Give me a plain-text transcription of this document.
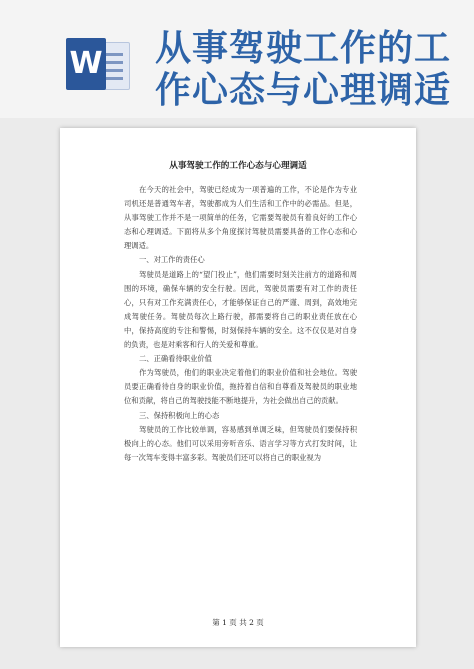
W 从事驾驶工作的工作心态与心理调适
从事驾驶工作的工作心态与心理调适

在今天的社会中，驾驶已经成为一项普遍的工作，不论是作为专业司机还是普通驾车者，驾驶都成为人们生活和工作中的必需品。但是，从事驾驶工作并不是一项简单的任务，它需要驾驶员有着良好的工作心态和心理调适。下面将从多个角度探讨驾驶员需要具备的工作心态和心理调适。

一、对工作的责任心

驾驶员是道路上的“望门投止”，他们需要时刻关注前方的道路和周围的环境，确保车辆的安全行驶。因此，驾驶员需要有对工作的责任心，只有对工作充满责任心，才能够保证自己的严谨、周到，高效地完成驾驶任务。驾驶员每次上路行驶，都需要将自己的职业责任放在心中，保持高度的专注和警惕，时刻保持车辆的安全。这不仅仅是对自身的负责，也是对乘客和行人的关爱和尊重。

二、正确看待职业价值

作为驾驶员，他们的职业决定着他们的职业价值和社会地位。驾驶员要正确看待自身的职业价值，拖持着自信和自尊看及驾驶员的职业地位和贡献，将自己的驾驶技能不断地提升，为社会做出自己的贡献。

三、保持积极向上的心态

驾驶员的工作比较单调，容易感到单调乏味，但驾驶员们要保持积极向上的心态。他们可以采用旁听音乐、语言学习等方式打发时间，让每一次驾车变得丰富多彩。驾驶员们还可以将自己的职业视为

第 1 页 共 2 页
